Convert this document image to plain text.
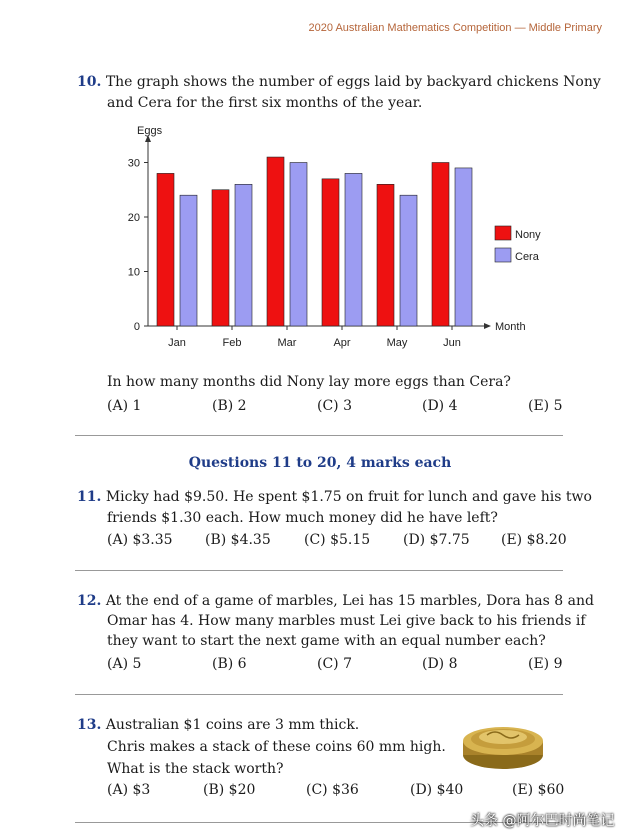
2020 Australian Mathematics Competition — Middle Primary
10. The graph shows the number of eggs laid by backyard chickens Nony
and Cera for the first six months of the year.
Eggs
Month
0
10
20
30
Jan	Feb	Mar	Apr	May	Jun
Nony
Cera
In how many months did Nony lay more eggs than Cera?
(A) 1	(B) 2	(C) 3	(D) 4	(E) 5
Questions 11 to 20, 4 marks each
11. Micky had $9.50. He spent $1.75 on fruit for lunch and gave his two
friends $1.30 each. How much money did he have left?
(A) $3.35 (B) $4.35 (C) $5.15 (D) $7.75 (E) $8.20
12. At the end of a game of marbles, Lei has 15 marbles, Dora has 8 and
Omar has 4. How many marbles must Lei give back to his friends if
they want to start the next game with an equal number each?
(A) 5	(B) 6	(C) 7	(D) 8	(E) 9
13. Australian $1 coins are 3 mm thick.
Chris makes a stack of these coins 60 mm high.
What is the stack worth?
(A) $3	(B) $20	(C) $36	(D) $40	(E) $60
头条 @阿尔巴时尚笔记
